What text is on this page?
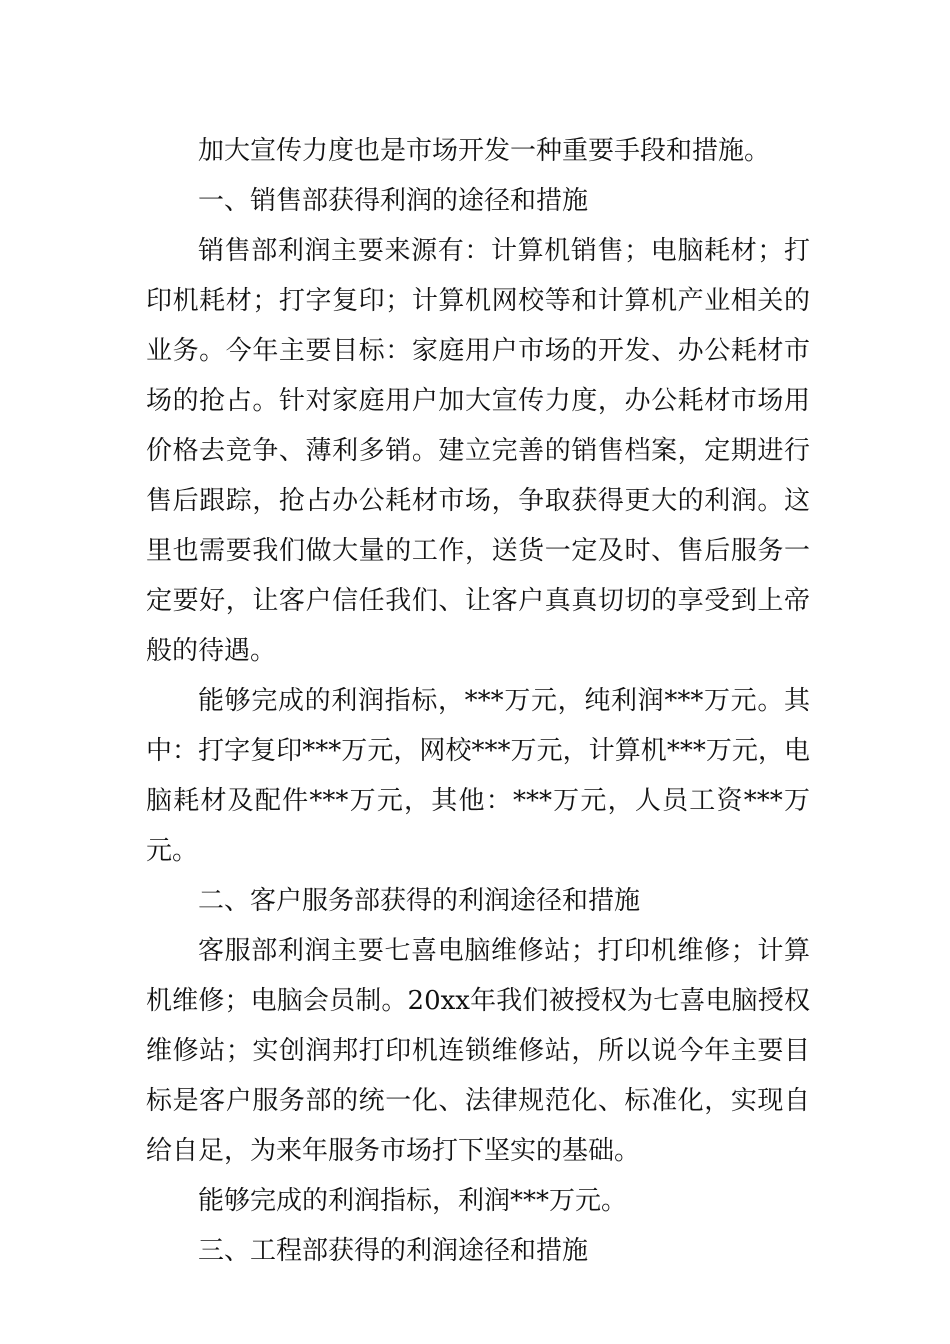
加大宣传力度也是市场开发一种重要手段和措施。

一、销售部获得利润的途径和措施

销售部利润主要来源有：计算机销售；电脑耗材；打印机耗材；打字复印；计算机网校等和计算机产业相关的业务。今年主要目标：家庭用户市场的开发、办公耗材市场的抢占。针对家庭用户加大宣传力度，办公耗材市场用价格去竞争、薄利多销。建立完善的销售档案，定期进行售后跟踪，抢占办公耗材市场，争取获得更大的利润。这里也需要我们做大量的工作，送货一定及时、售后服务一定要好，让客户信任我们、让客户真真切切的享受到上帝般的待遇。

能够完成的利润指标，***万元，纯利润***万元。其中：打字复印***万元，网校***万元，计算机***万元，电脑耗材及配件***万元，其他：***万元，人员工资***万元。

二、客户服务部获得的利润途径和措施

客服部利润主要七喜电脑维修站；打印机维修；计算机维修；电脑会员制。20xx年我们被授权为七喜电脑授权维修站；实创润邦打印机连锁维修站，所以说今年主要目标是客户服务部的统一化、法律规范化、标准化，实现自给自足，为来年服务市场打下坚实的基础。

能够完成的利润指标，利润***万元。

三、工程部获得的利润途径和措施
